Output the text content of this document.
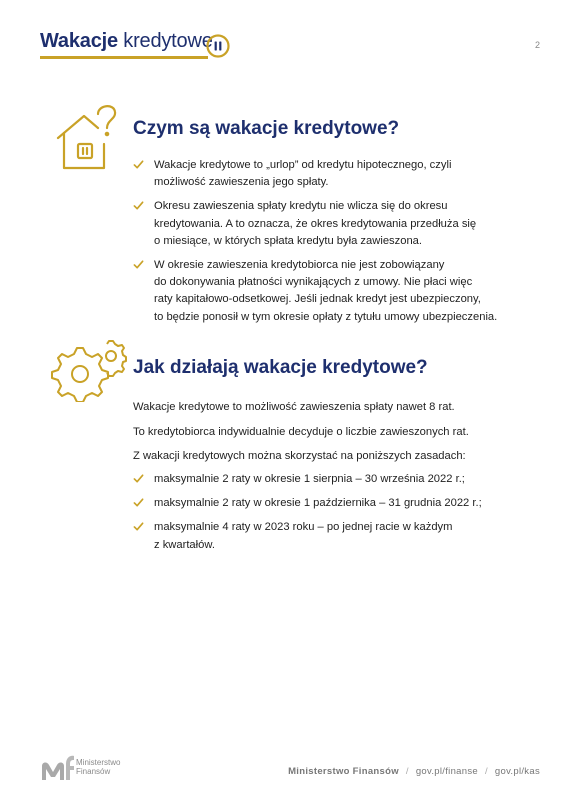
Wakacje kredytowe	2
Czym są wakacje kredytowe?
Wakacje kredytowe to „urlop” od kredytu hipotecznego, czyli
możliwość zawieszenia jego spłaty.
Okresu zawieszenia spłaty kredytu nie wlicza się do okresu
kredytowania. A to oznacza, że okres kredytowania przedłuża się
o miesiące, w których spłata kredytu była zawieszona.
W okresie zawieszenia kredytobiorca nie jest zobowiązany
do dokonywania płatności wynikających z umowy. Nie płaci więc
raty kapitałowo-odsetkowej. Jeśli jednak kredyt jest ubezpieczony,
to będzie ponosił w tym okresie opłaty z tytułu umowy ubezpieczenia.
Jak działają wakacje kredytowe?
Wakacje kredytowe to możliwość zawieszenia spłaty nawet 8 rat.
To kredytobiorca indywidualnie decyduje o liczbie zawieszonych rat.
Z wakacji kredytowych można skorzystać na poniższych zasadach:
maksymalnie 2 raty w okresie 1 sierpnia – 30 września 2022 r.;
maksymalnie 2 raty w okresie 1 października – 31 grudnia 2022 r.;
maksymalnie 4 raty w 2023 roku – po jednej racie w każdym
z kwartałów.
Ministerstwo
Finansów	Ministerstwo Finansów / gov.pl/finanse / gov.pl/kas
